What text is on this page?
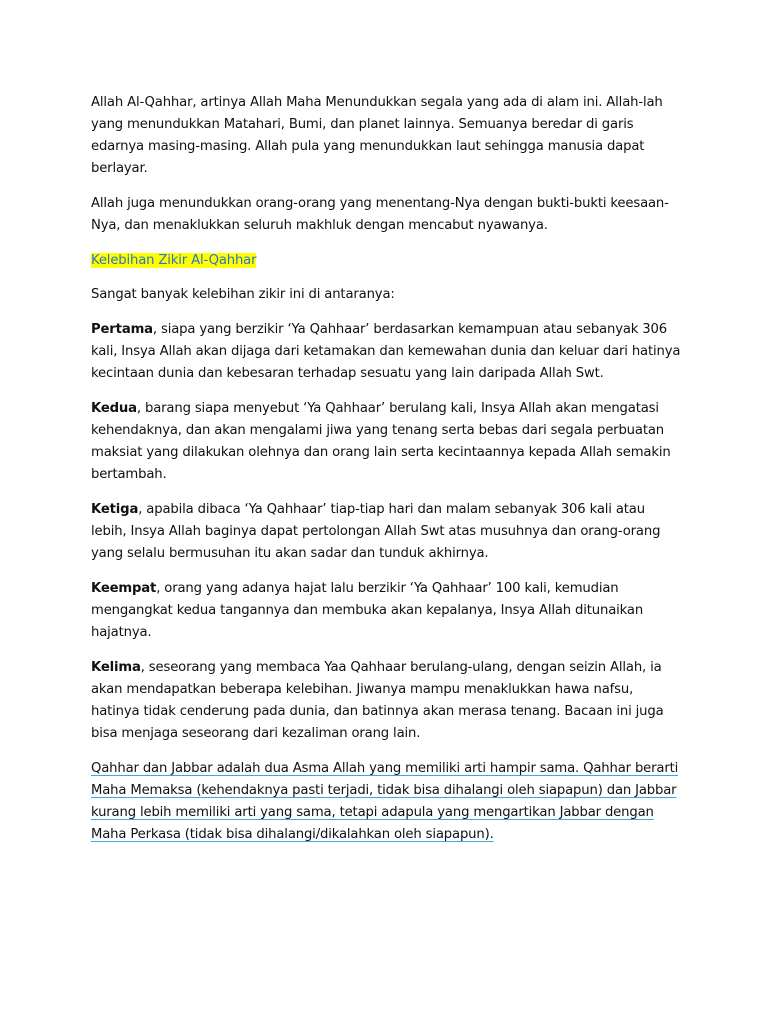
Allah Al-Qahhar, artinya Allah Maha Menundukkan segala yang ada di alam ini. Allah-lah yang menundukkan Matahari, Bumi, dan planet lainnya. Semuanya beredar di garis edarnya masing-masing. Allah pula yang menundukkan laut sehingga manusia dapat berlayar.

Allah juga menundukkan orang-orang yang menentang-Nya dengan bukti-bukti keesaan-Nya, dan menaklukkan seluruh makhluk dengan mencabut nyawanya.

Kelebihan Zikir Al-Qahhar

Sangat banyak kelebihan zikir ini di antaranya:

Pertama, siapa yang berzikir ‘Ya Qahhaar’ berdasarkan kemampuan atau sebanyak 306 kali, Insya Allah akan dijaga dari ketamakan dan kemewahan dunia dan keluar dari hatinya kecintaan dunia dan kebesaran terhadap sesuatu yang lain daripada Allah Swt.

Kedua, barang siapa menyebut ‘Ya Qahhaar’ berulang kali, Insya Allah akan mengatasi kehendaknya, dan akan mengalami jiwa yang tenang serta bebas dari segala perbuatan maksiat yang dilakukan olehnya dan orang lain serta kecintaannya kepada Allah semakin bertambah.

Ketiga, apabila dibaca ‘Ya Qahhaar’ tiap-tiap hari dan malam sebanyak 306 kali atau lebih, Insya Allah baginya dapat pertolongan Allah Swt atas musuhnya dan orang-orang yang selalu bermusuhan itu akan sadar dan tunduk akhirnya.

Keempat, orang yang adanya hajat lalu berzikir ‘Ya Qahhaar’ 100 kali, kemudian mengangkat kedua tangannya dan membuka akan kepalanya, Insya Allah ditunaikan hajatnya.

Kelima, seseorang yang membaca Yaa Qahhaar berulang-ulang, dengan seizin Allah, ia akan mendapatkan beberapa kelebihan. Jiwanya mampu menaklukkan hawa nafsu, hatinya tidak cenderung pada dunia, dan batinnya akan merasa tenang. Bacaan ini juga bisa menjaga seseorang dari kezaliman orang lain.

Qahhar dan Jabbar adalah dua Asma Allah yang memiliki arti hampir sama. Qahhar berarti Maha Memaksa (kehendaknya pasti terjadi, tidak bisa dihalangi oleh siapapun) dan Jabbar kurang lebih memiliki arti yang sama, tetapi adapula yang mengartikan Jabbar dengan Maha Perkasa (tidak bisa dihalangi/dikalahkan oleh siapapun).
